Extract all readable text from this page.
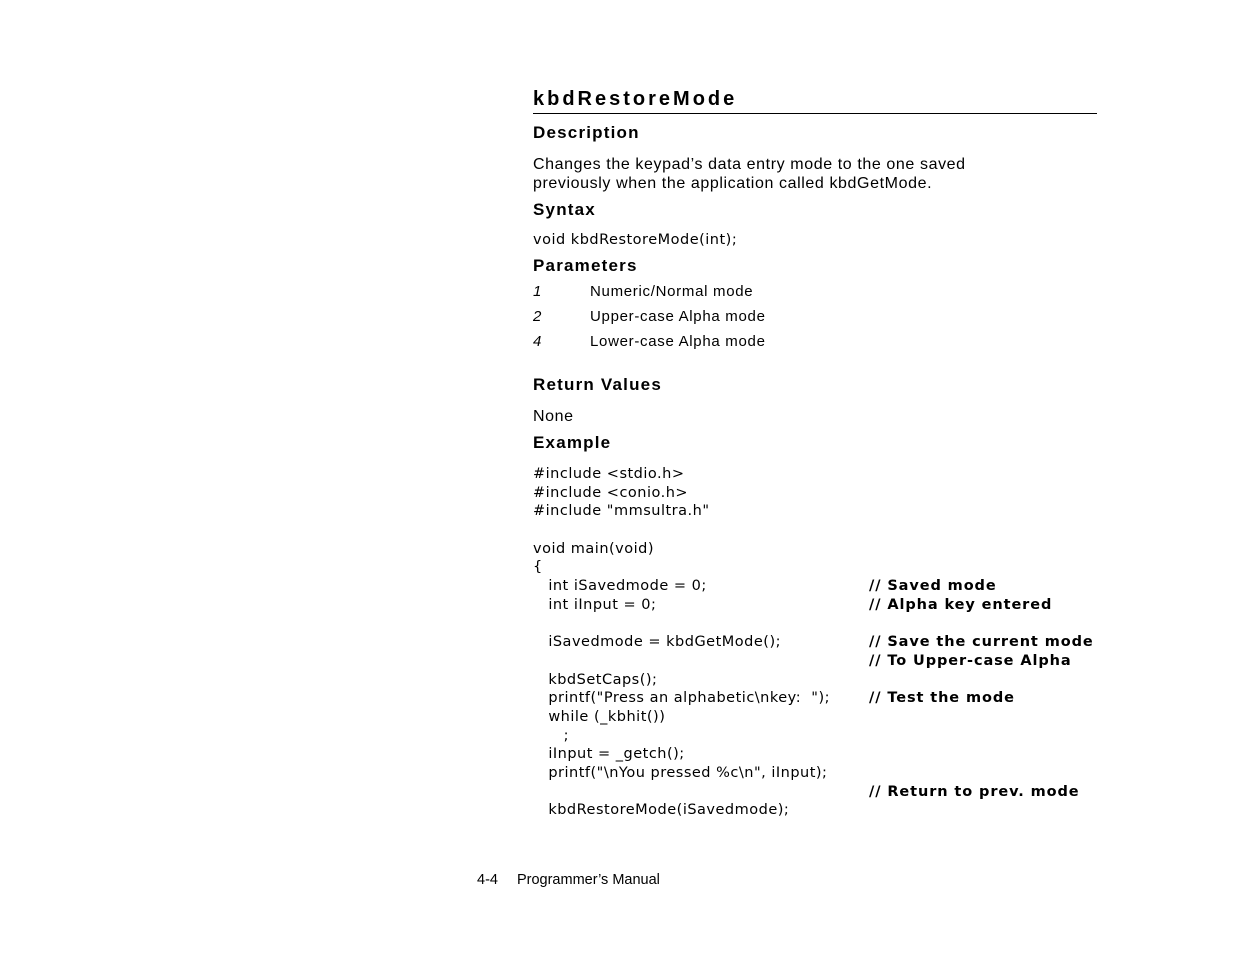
kbdRestoreMode
Description

Changes the keypad’s data entry mode to the one saved

previously when the application called kbdGetMode.

Syntax

void kbdRestoreMode(int);

Parameters
1	Numeric/Normal mode
2	Upper-case Alpha mode
4	Lower-case Alpha mode
Return Values

None

Example
#include <stdio.h>
#include <conio.h>
#include "mmsultra.h"
void main(void)
{
int iSavedmode = 0;	// Saved mode
int iInput = 0;	// Alpha key entered
iSavedmode = kbdGetMode();	// Save the current mode
// To Upper-case Alpha
kbdSetCaps();
printf("Press an alphabetic\nkey:  ");	// Test the mode
while (_kbhit())
;
iInput = _getch();
printf("\nYou pressed %c\n", iInput);
// Return to prev. mode
kbdRestoreMode(iSavedmode);
4-4 Programmer’s Manual
